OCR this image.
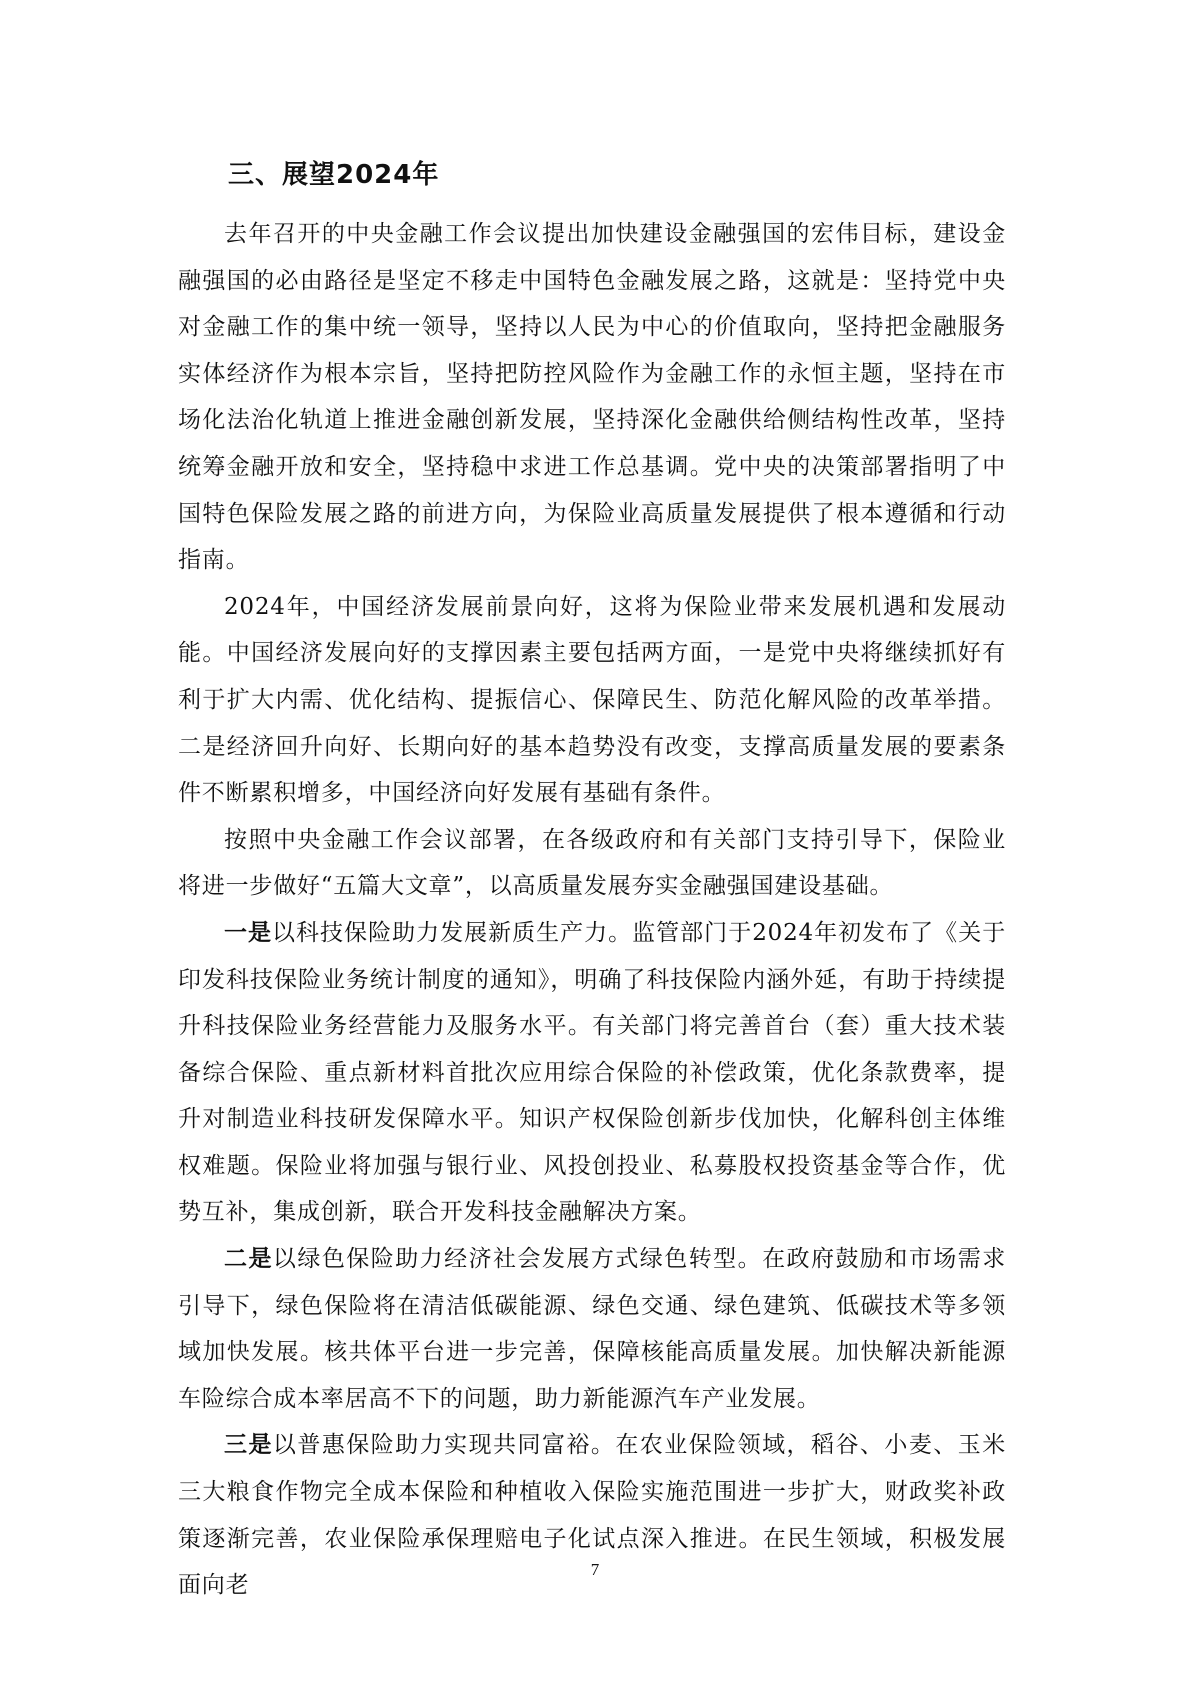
三、展望2024年

去年召开的中央金融工作会议提出加快建设金融强国的宏伟目标，建设金融强国的必由路径是坚定不移走中国特色金融发展之路，这就是：坚持党中央对金融工作的集中统一领导，坚持以人民为中心的价值取向，坚持把金融服务实体经济作为根本宗旨，坚持把防控风险作为金融工作的永恒主题，坚持在市场化法治化轨道上推进金融创新发展，坚持深化金融供给侧结构性改革，坚持统筹金融开放和安全，坚持稳中求进工作总基调。党中央的决策部署指明了中国特色保险发展之路的前进方向，为保险业高质量发展提供了根本遵循和行动指南。

2024年，中国经济发展前景向好，这将为保险业带来发展机遇和发展动能。中国经济发展向好的支撑因素主要包括两方面，一是党中央将继续抓好有利于扩大内需、优化结构、提振信心、保障民生、防范化解风险的改革举措。二是经济回升向好、长期向好的基本趋势没有改变，支撑高质量发展的要素条件不断累积增多，中国经济向好发展有基础有条件。

按照中央金融工作会议部署，在各级政府和有关部门支持引导下，保险业将进一步做好“五篇大文章”，以高质量发展夯实金融强国建设基础。

一是以科技保险助力发展新质生产力。监管部门于2024年初发布了《关于印发科技保险业务统计制度的通知》，明确了科技保险内涵外延，有助于持续提升科技保险业务经营能力及服务水平。有关部门将完善首台（套）重大技术装备综合保险、重点新材料首批次应用综合保险的补偿政策，优化条款费率，提升对制造业科技研发保障水平。知识产权保险创新步伐加快，化解科创主体维权难题。保险业将加强与银行业、风投创投业、私募股权投资基金等合作，优势互补，集成创新，联合开发科技金融解决方案。

二是以绿色保险助力经济社会发展方式绿色转型。在政府鼓励和市场需求引导下，绿色保险将在清洁低碳能源、绿色交通、绿色建筑、低碳技术等多领域加快发展。核共体平台进一步完善，保障核能高质量发展。加快解决新能源车险综合成本率居高不下的问题，助力新能源汽车产业发展。

三是以普惠保险助力实现共同富裕。在农业保险领域，稻谷、小麦、玉米三大粮食作物完全成本保险和种植收入保险实施范围进一步扩大，财政奖补政策逐渐完善，农业保险承保理赔电子化试点深入推进。在民生领域，积极发展面向老

7
